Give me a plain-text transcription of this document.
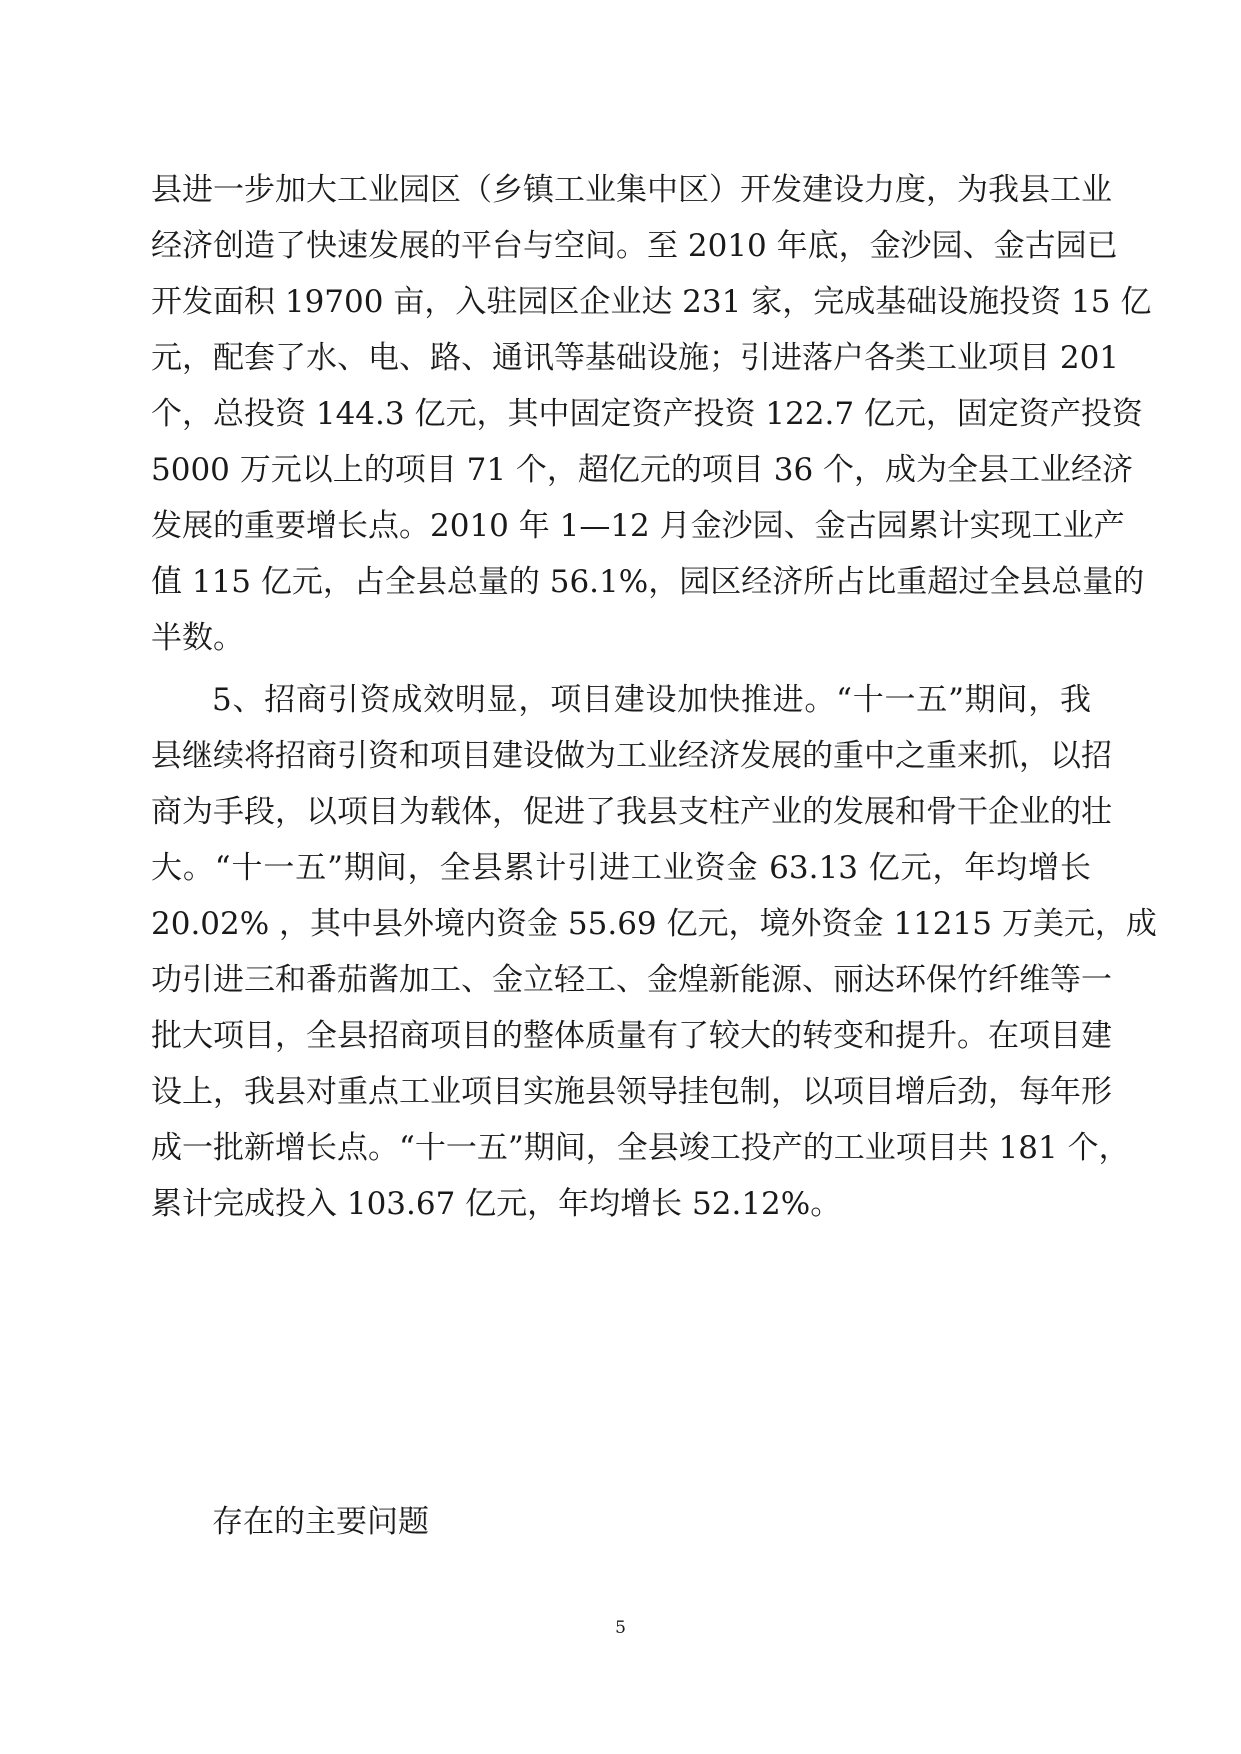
县进一步加大工业园区（乡镇工业集中区）开发建设力度，为我县工业
经济创造了快速发展的平台与空间。至 2010 年底，金沙园、金古园已
开发面积 19700 亩，入驻园区企业达 231 家，完成基础设施投资 15 亿
元，配套了水、电、路、通讯等基础设施；引进落户各类工业项目 201
个，总投资 144.3 亿元，其中固定资产投资 122.7 亿元，固定资产投资
5000 万元以上的项目 71 个，超亿元的项目 36 个，成为全县工业经济
发展的重要增长点。2010 年 1—12 月金沙园、金古园累计实现工业产
值 115 亿元，占全县总量的 56.1%，园区经济所占比重超过全县总量的
半数。
5、招商引资成效明显，项目建设加快推进。“十一五”期间，我
县继续将招商引资和项目建设做为工业经济发展的重中之重来抓，以招
商为手段，以项目为载体，促进了我县支柱产业的发展和骨干企业的壮
大。“十一五”期间，全县累计引进工业资金 63.13 亿元，年均增长
20.02% ，其中县外境内资金 55.69 亿元，境外资金 11215 万美元，成
功引进三和番茄酱加工、金立轻工、金煌新能源、丽达环保竹纤维等一
批大项目，全县招商项目的整体质量有了较大的转变和提升。在项目建
设上，我县对重点工业项目实施县领导挂包制，以项目增后劲，每年形
成一批新增长点。“十一五”期间，全县竣工投产的工业项目共 181 个，
累计完成投入 103.67 亿元，年均增长 52.12%。
存在的主要问题
5
